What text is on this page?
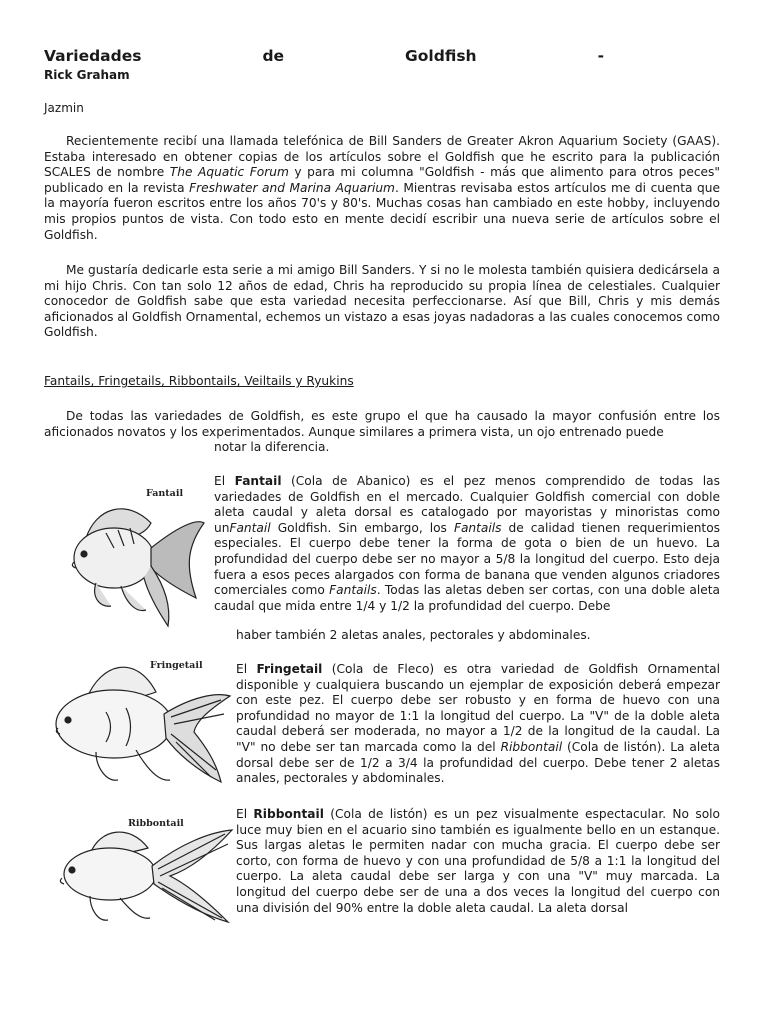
Variedades	de	Goldfish	-
Rick Graham
Jazmin

Recientemente recibí una llamada telefónica de Bill Sanders de Greater Akron Aquarium Society (GAAS). Estaba interesado en obtener copias de los artículos sobre el Goldfish que he escrito para la publicación SCALES de nombre The Aquatic Forum y para mi columna "Goldfish - más que alimento para otros peces" publicado en la revista Freshwater and Marina Aquarium. Mientras revisaba estos artículos me di cuenta que la mayoría fueron escritos entre los años 70's y 80's. Muchas cosas han cambiado en este hobby, incluyendo mis propios puntos de vista. Con todo esto en mente decidí escribir una nueva serie de artículos sobre el Goldfish.

Me gustaría dedicarle esta serie a mi amigo Bill Sanders. Y si no le molesta también quisiera dedicársela a mi hijo Chris. Con tan solo 12 años de edad, Chris ha reproducido su propia línea de celestiales. Cualquier conocedor de Goldfish sabe que esta variedad necesita perfeccionarse. Así que Bill, Chris y mis demás aficionados al Goldfish Ornamental, echemos un vistazo a esas joyas nadadoras a las cuales conocemos como Goldfish.

Fantails, Fringetails, Ribbontails, Veiltails y Ryukins

De todas las variedades de Goldfish, es este grupo el que ha causado la mayor confusión entre los aficionados novatos y los experimentados. Aunque similares a primera vista, un ojo entrenado puede

notar la diferencia.

Fantail

El Fantail (Cola de Abanico) es el pez menos comprendido de todas las variedades de Goldfish en el mercado. Cualquier Goldfish comercial con doble aleta caudal y aleta dorsal es catalogado por mayoristas y minoristas como unFantail Goldfish. Sin embargo, los Fantails de calidad tienen requerimientos especiales. El cuerpo debe tener la forma de gota o bien de un huevo. La profundidad del cuerpo debe ser no mayor a 5/8 la longitud del cuerpo. Esto deja fuera a esos peces alargados con forma de banana que venden algunos criadores comerciales como Fantails. Todas las aletas deben ser cortas, con una doble aleta caudal que mida entre 1/4 y 1/2 la profundidad del cuerpo. Debe

haber también 2 aletas anales, pectorales y abdominales.

Fringetail	El Fringetail (Cola de Fleco) es otra variedad de Goldfish Ornamental disponible y cualquiera buscando un ejemplar de exposición deberá empezar con este pez. El cuerpo debe ser robusto y en forma de huevo con una profundidad no mayor de 1:1 la longitud del cuerpo. La "V" de la doble aleta caudal deberá ser moderada, no mayor a 1/2 de la longitud de la caudal. La "V" no debe ser tan marcada como la del Ribbontail (Cola de listón). La aleta dorsal debe ser de 1/2 a 3/4 la profundidad del cuerpo. Debe tener 2 aletas anales, pectorales y abdominales.

Ribbontail

El Ribbontail (Cola de listón) es un pez visualmente espectacular. No solo luce muy bien en el acuario sino también es igualmente bello en un estanque. Sus largas aletas le permiten nadar con mucha gracia. El cuerpo debe ser corto, con forma de huevo y con una profundidad de 5/8 a 1:1 la longitud del cuerpo. La aleta caudal debe ser larga y con una "V" muy marcada. La longitud del cuerpo debe ser de una a dos veces la longitud del cuerpo con una división del 90% entre la doble aleta caudal. La aleta dorsal
